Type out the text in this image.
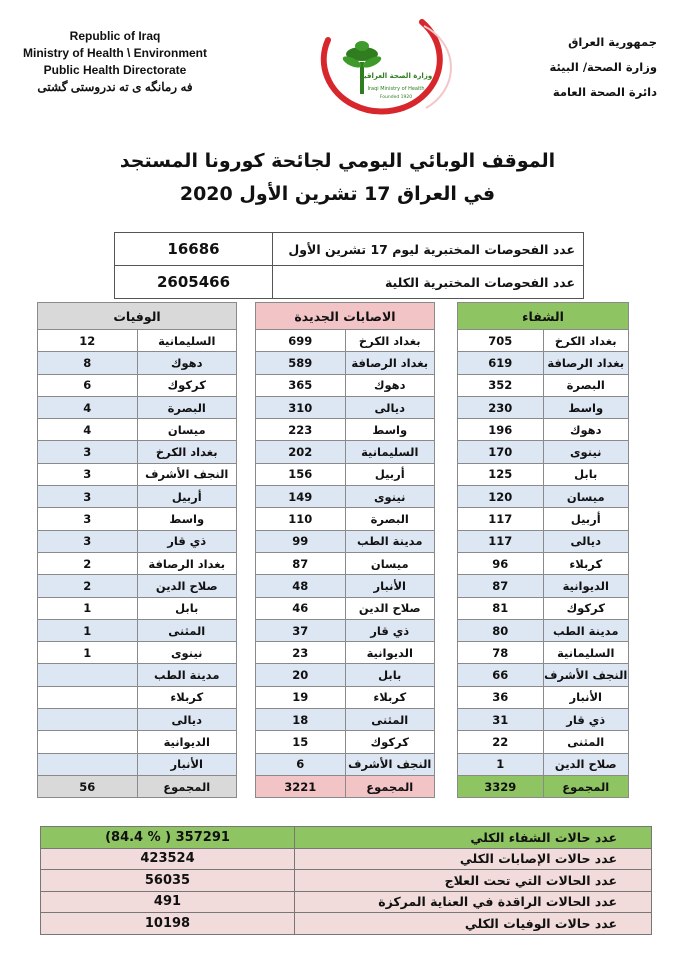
Republic of Iraq
Ministry of Health \ Environment
Public Health Directorate
فه رمانگه ى ته ندروستى گشتى
جمهورية العراق
وزارة الصحة/ البيئة
دائرة الصحة العامة
وزارة الصحة العراقية
Iraqi Ministry of Health
Founded 1920
الموقف الوبائي اليومي لجائحة كورونا المستجد
في العراق 17 تشرين الأول 2020
16686	عدد الفحوصات المختبرية ليوم 17 تشرين الأول
2605466	عدد الفحوصات المختبرية الكلية
الوفيات	
12	السليمانية
8	دهوك
6	كركوك
4	البصرة
4	ميسان
3	بغداد الكرخ
3	النجف الأشرف
3	أربيل
3	واسط
3	ذي قار
2	بغداد الرصافة
2	صلاح الدين
1	بابل
1	المثنى
1	نينوى
	مدينة الطب
	كربلاء
	ديالى
	الديوانية
	الأنبار
56	المجموع
الاصابات الجديدة	
699	بغداد الكرخ
589	بغداد الرصافة
365	دهوك
310	ديالى
223	واسط
202	السليمانية
156	أربيل
149	نينوى
110	البصرة
99	مدينة الطب
87	ميسان
48	الأنبار
46	صلاح الدين
37	ذي قار
23	الديوانية
20	بابل
19	كربلاء
18	المثنى
15	كركوك
6	النجف الأشرف
3221	المجموع
الشفاء	
705	بغداد الكرخ
619	بغداد الرصافة
352	البصرة
230	واسط
196	دهوك
170	نينوى
125	بابل
120	ميسان
117	أربيل
117	ديالى
96	كربلاء
87	الديوانية
81	كركوك
80	مدينة الطب
78	السليمانية
66	النجف الأشرف
36	الأنبار
31	ذي قار
22	المثنى
1	صلاح الدين
3329	المجموع
(84.4 % ) 357291	عدد حالات الشفاء الكلي
423524	عدد حالات الإصابات الكلي
56035	عدد الحالات التي تحت العلاج
491	عدد الحالات الراقدة في العناية المركزة
10198	عدد حالات الوفيات الكلي
